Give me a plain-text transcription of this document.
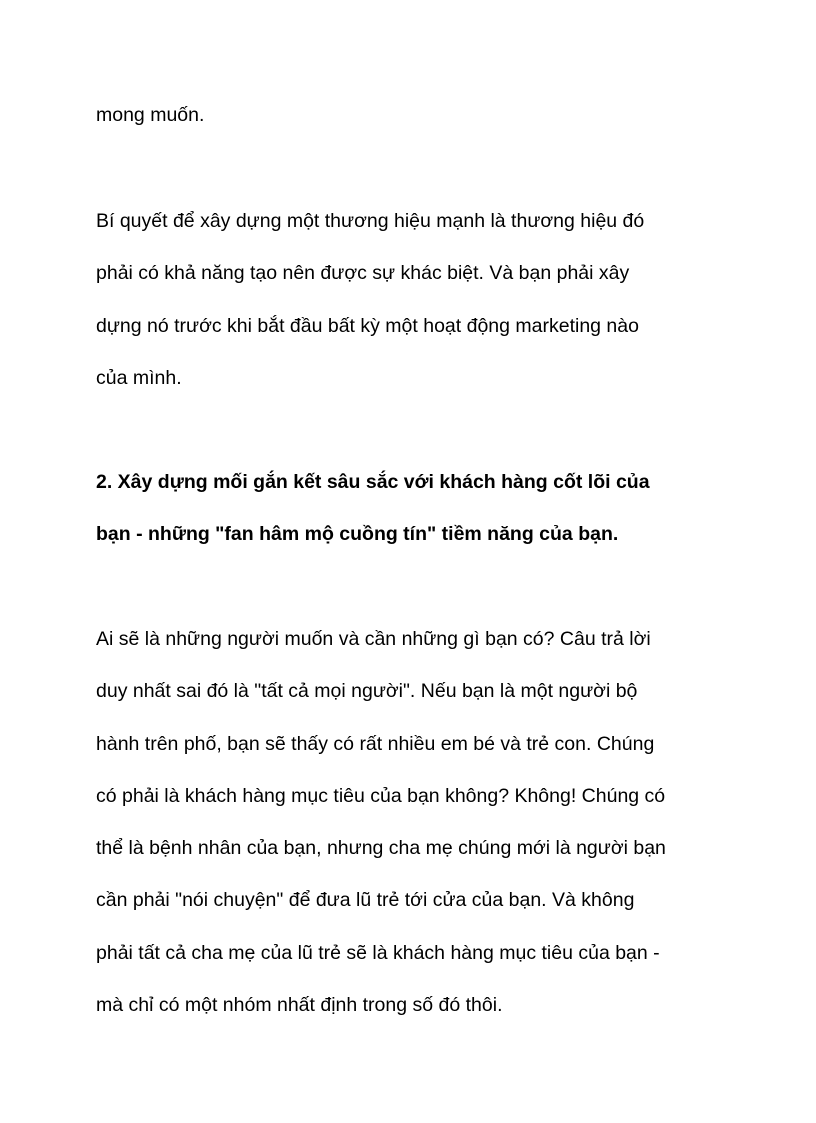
mong muốn.
Bí quyết để xây dựng một thương hiệu mạnh là thương hiệu đó
phải có khả năng tạo nên được sự khác biệt. Và bạn phải xây
dựng nó trước khi bắt đầu bất kỳ một hoạt động marketing nào
của mình.
2. Xây dựng mối gắn kết sâu sắc với khách hàng cốt lõi của
bạn - những "fan hâm mộ cuồng tín" tiềm năng của bạn.
Ai sẽ là những người muốn và cần những gì bạn có? Câu trả lời
duy nhất sai đó là "tất cả mọi người". Nếu bạn là một người bộ
hành trên phố, bạn sẽ thấy có rất nhiều em bé và trẻ con. Chúng
có phải là khách hàng mục tiêu của bạn không? Không! Chúng có
thể là bệnh nhân của bạn, nhưng cha mẹ chúng mới là người bạn
cần phải "nói chuyện" để đưa lũ trẻ tới cửa của bạn. Và không
phải tất cả cha mẹ của lũ trẻ sẽ là khách hàng mục tiêu của bạn -
mà chỉ có một nhóm nhất định trong số đó thôi.
